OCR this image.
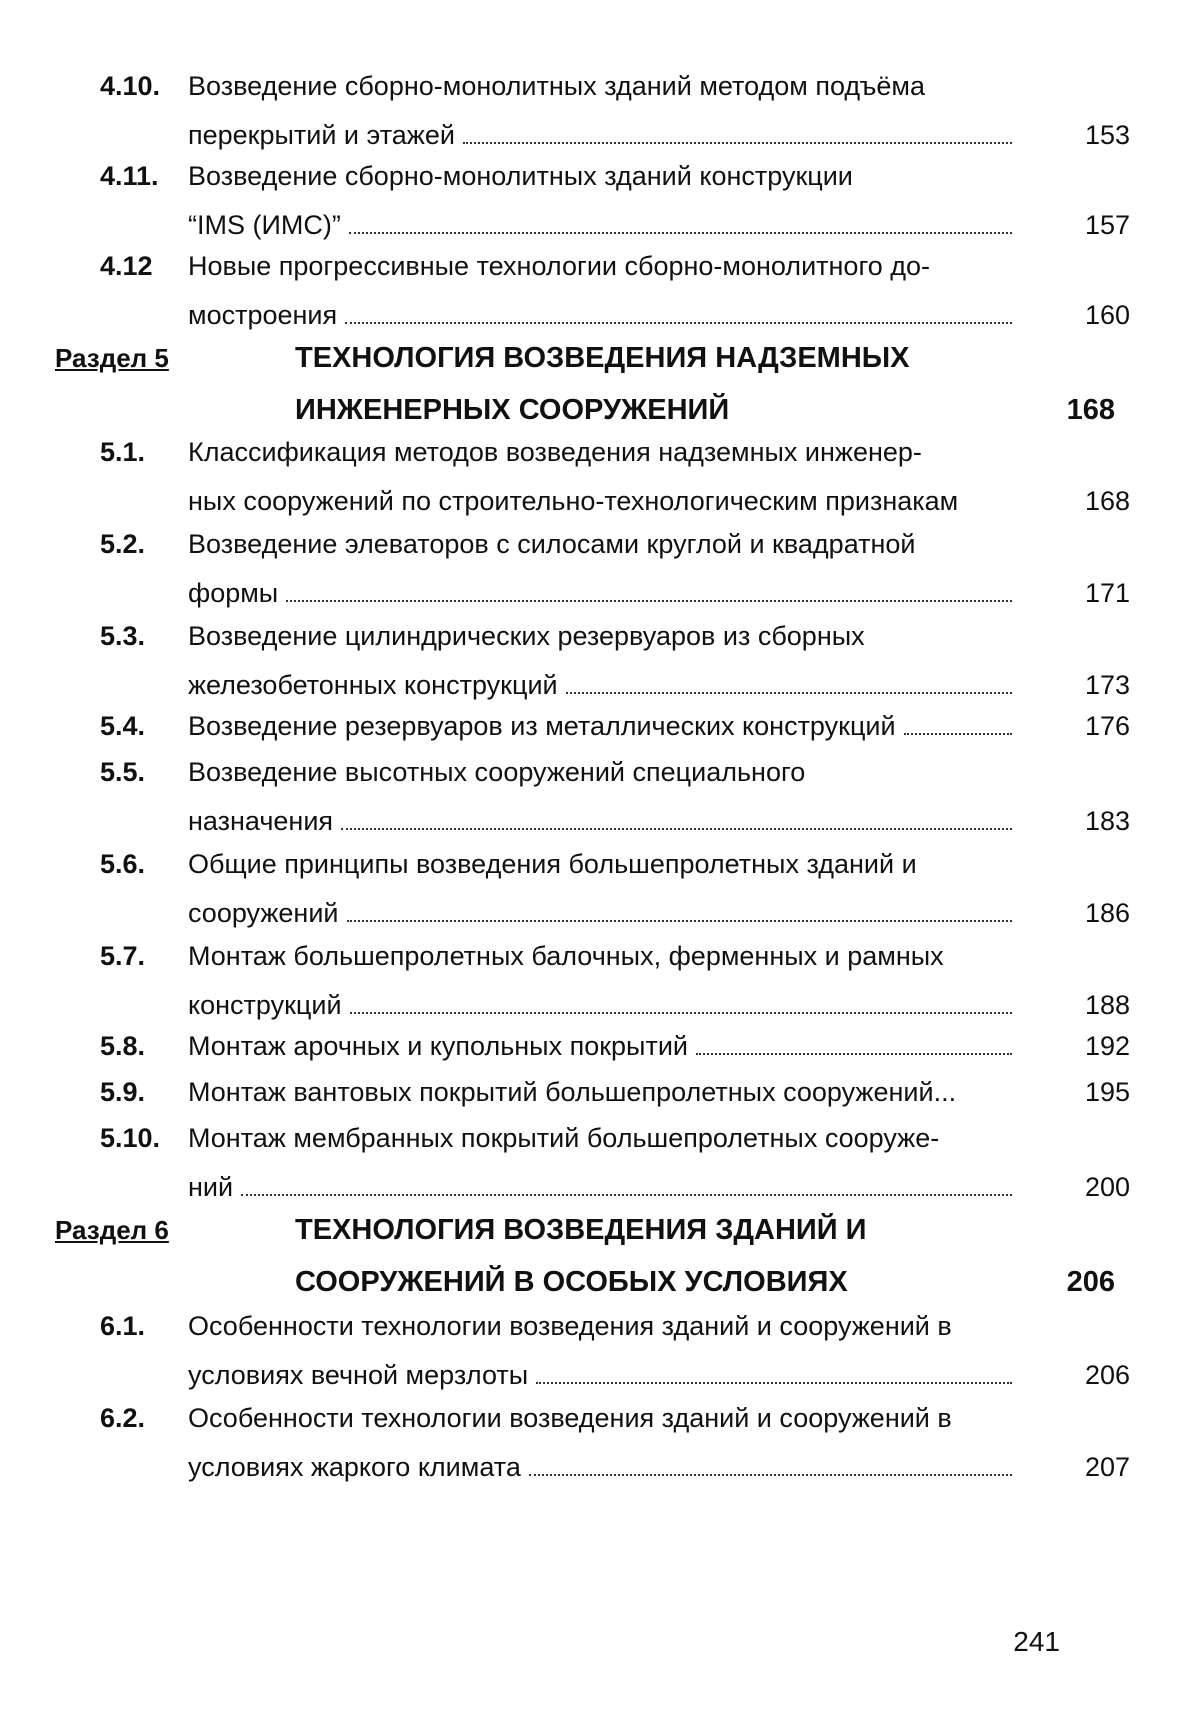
4.10. Возведение сборно-монолитных зданий методом подъёма
перекрытий и этажей	153
4.11. Возведение сборно-монолитных зданий конструкции
“IMS (ИМС)”	157
4.12 Новые прогрессивные технологии сборно-монолитного до-
мостроения	160
Раздел 5	ТЕХНОЛОГИЯ ВОЗВЕДЕНИЯ НАДЗЕМНЫХ
ИНЖЕНЕРНЫХ СООРУЖЕНИЙ	168
5.1. Классификация методов возведения надземных инженер-
ных сооружений по строительно-технологическим признакам	168
5.2. Возведение элеваторов с силосами круглой и квадратной
формы	171
5.3. Возведение цилиндрических резервуаров из сборных
железобетонных конструкций	173
5.4. Возведение резервуаров из металлических конструкций	176
5.5. Возведение высотных сооружений специального
назначения	183
5.6. Общие принципы возведения большепролетных зданий и
сооружений	186
5.7. Монтаж большепролетных балочных, ферменных и рамных
конструкций	188
5.8. Монтаж арочных и купольных покрытий	192
5.9. Монтаж вантовых покрытий большепролетных сооружений...	195
5.10. Монтаж мембранных покрытий большепролетных сооруже-
ний	200
Раздел 6	ТЕХНОЛОГИЯ ВОЗВЕДЕНИЯ ЗДАНИЙ И
СООРУЖЕНИЙ В ОСОБЫХ УСЛОВИЯХ	206
6.1. Особенности технологии возведения зданий и сооружений в
условиях вечной мерзлоты	206
6.2. Особенности технологии возведения зданий и сооружений в
условиях жаркого климата	207
241
